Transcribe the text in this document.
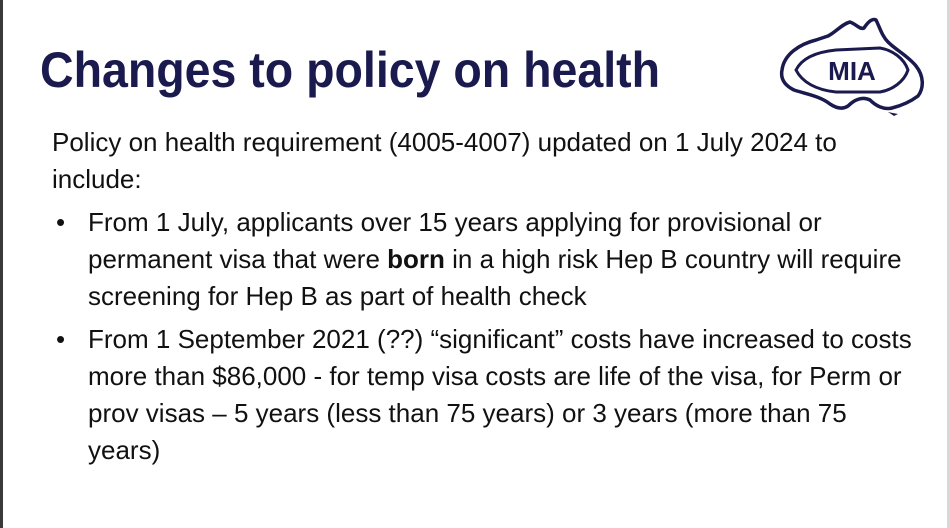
Changes to policy on health	MIA

Policy on health requirement (4005-4007) updated on 1 July 2024 to include:

• From 1 July, applicants over 15 years applying for provisional or permanent visa that were born in a high risk Hep B country will require screening for Hep B as part of health check
• From 1 September 2021 (??) “significant” costs have increased to costs more than $86,000 - for temp visa costs are life of the visa, for Perm or prov visas – 5 years (less than 75 years) or 3 years (more than 75 years)
